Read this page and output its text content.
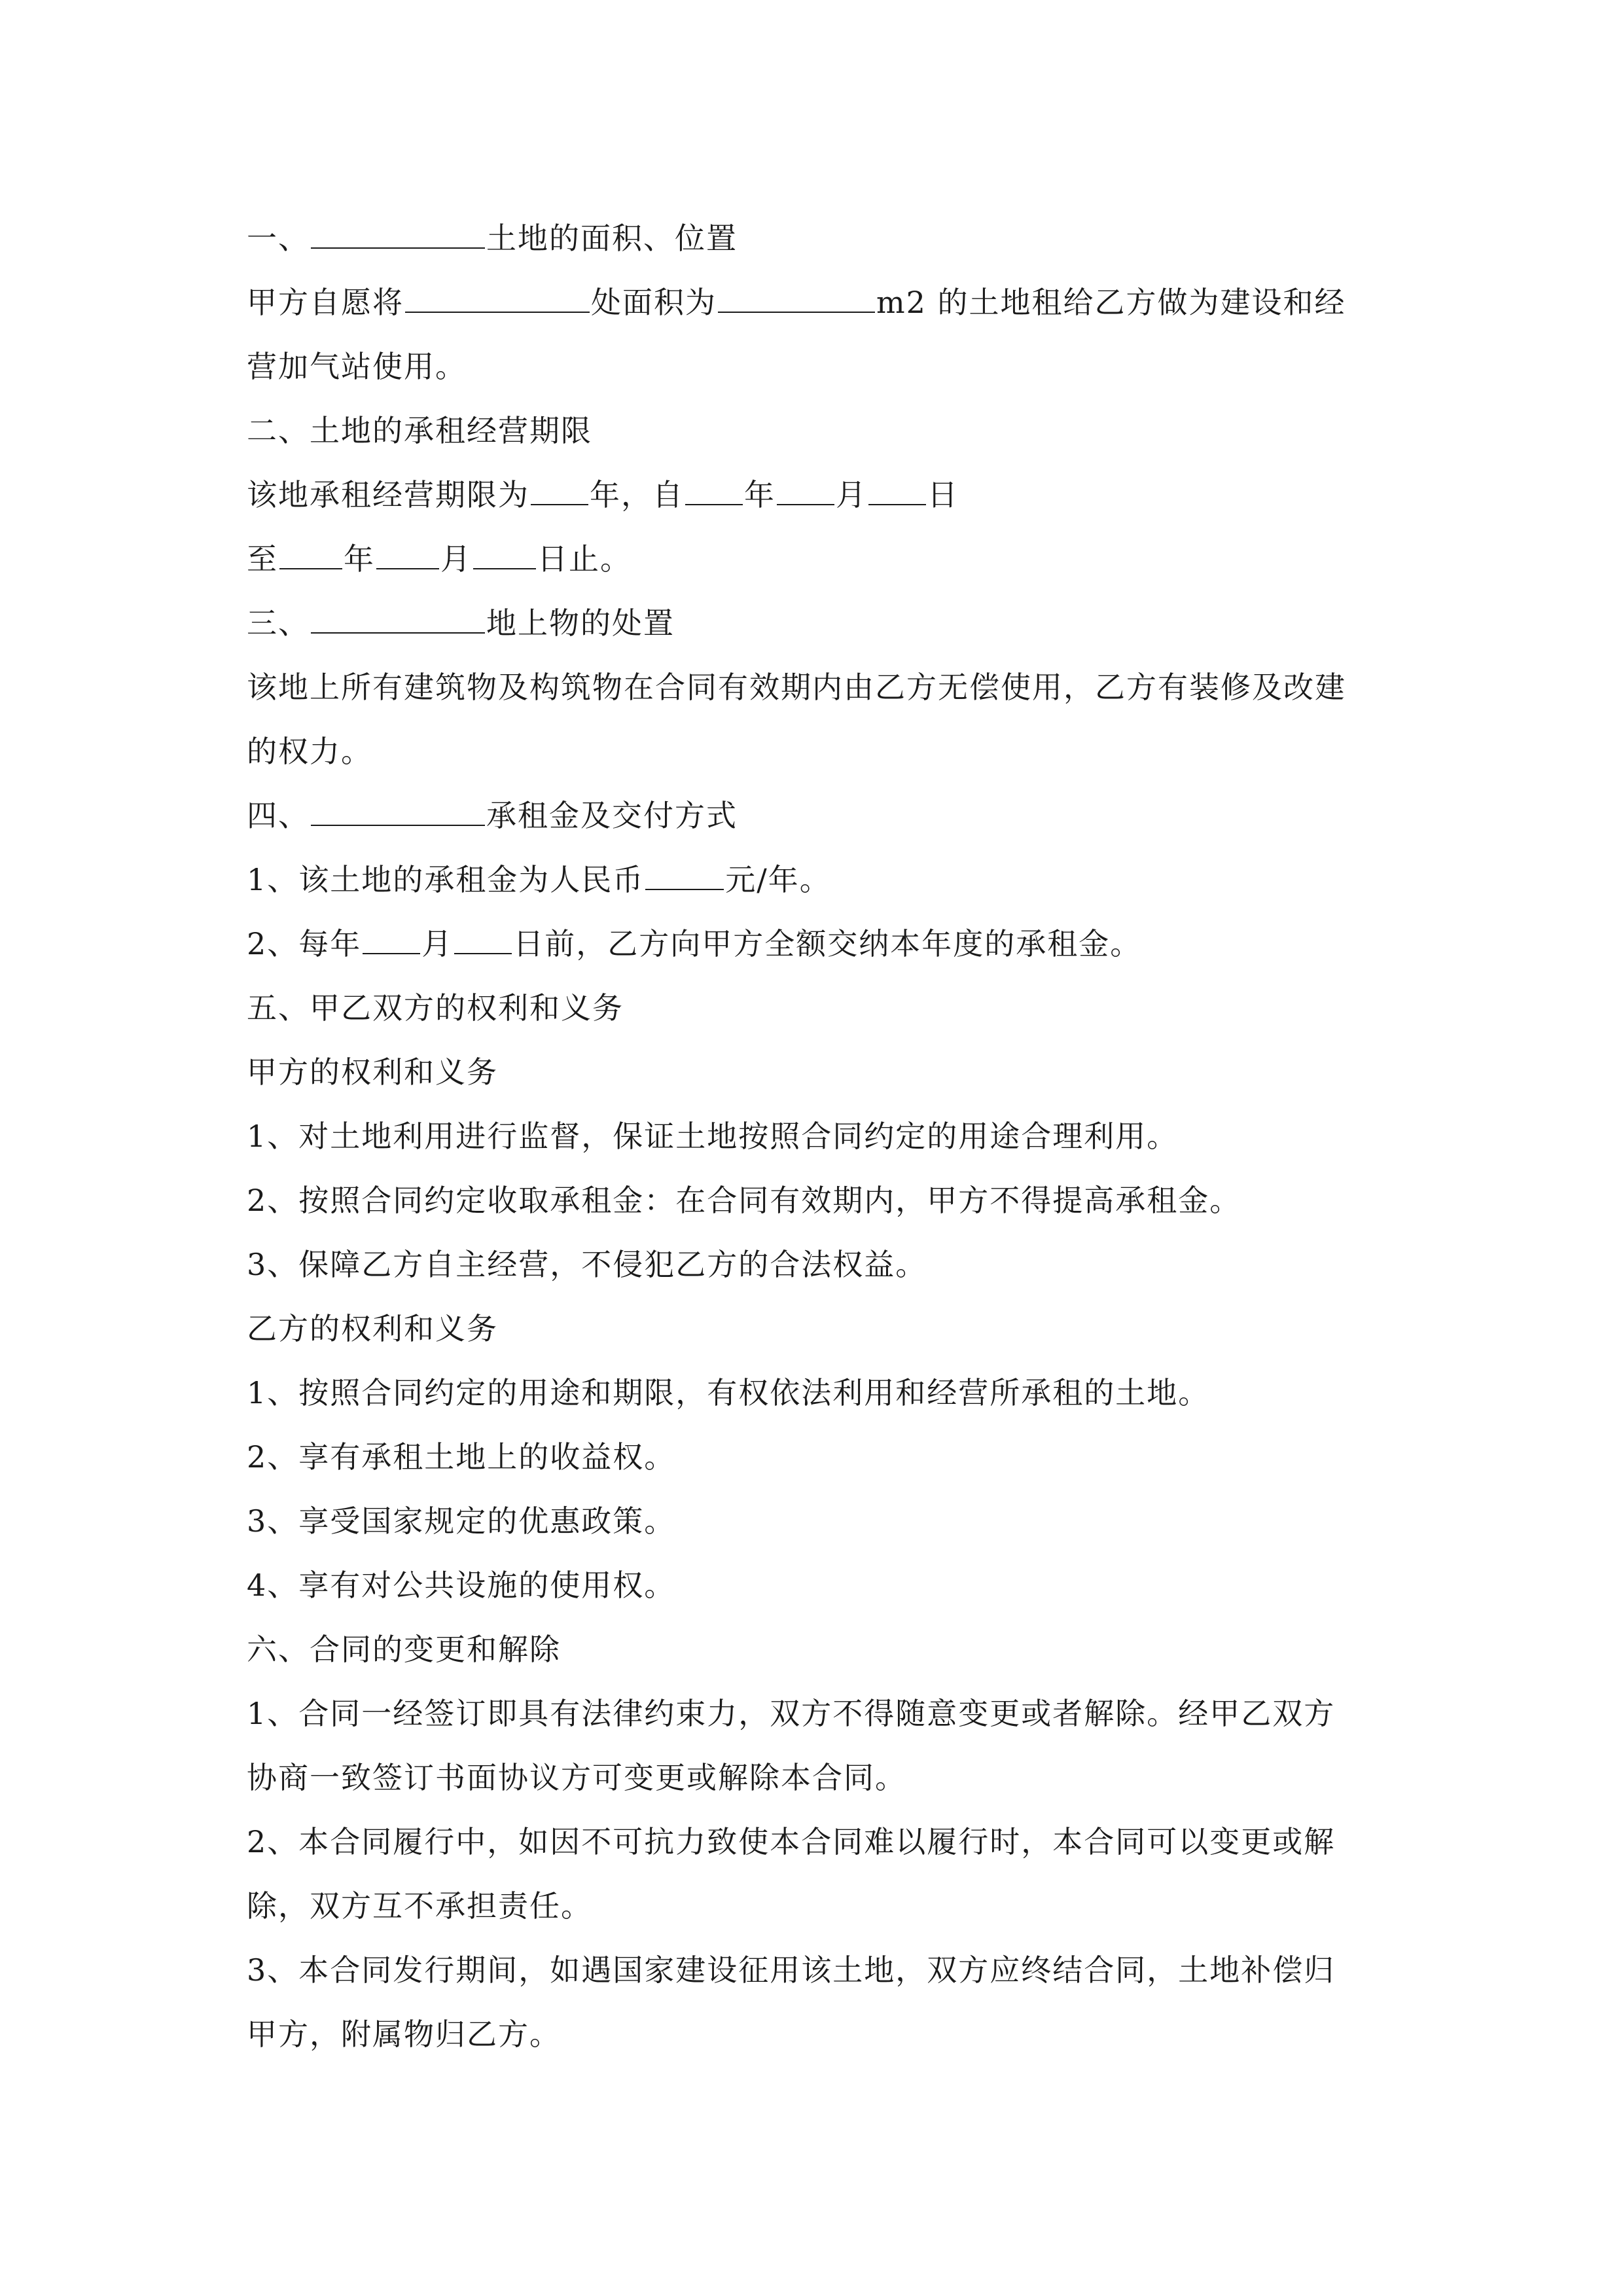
一、	土地的面积、位置

甲方自愿将	处面积为	m2 的土地租给乙方做为建设和经

营加气站使用。

二、土地的承租经营期限

该地承租经营期限为 年，自 年 月 日

至 年 月 日止。

三、	地上物的处置

该地上所有建筑物及构筑物在合同有效期内由乙方无偿使用，乙方有装修及改建

的权力。

四、	承租金及交付方式

1、该土地的承租金为人民币	元/年。

2、每年 月 日前，乙方向甲方全额交纳本年度的承租金。

五、甲乙双方的权利和义务

甲方的权利和义务

1、对土地利用进行监督，保证土地按照合同约定的用途合理利用。

2、按照合同约定收取承租金：在合同有效期内，甲方不得提高承租金。

3、保障乙方自主经营，不侵犯乙方的合法权益。

乙方的权利和义务

1、按照合同约定的用途和期限，有权依法利用和经营所承租的土地。

2、享有承租土地上的收益权。

3、享受国家规定的优惠政策。

4、享有对公共设施的使用权。

六、合同的变更和解除

1、合同一经签订即具有法律约束力，双方不得随意变更或者解除。经甲乙双方

协商一致签订书面协议方可变更或解除本合同。

2、本合同履行中，如因不可抗力致使本合同难以履行时，本合同可以变更或解

除，双方互不承担责任。

3、本合同发行期间，如遇国家建设征用该土地，双方应终结合同，土地补偿归

甲方，附属物归乙方。
